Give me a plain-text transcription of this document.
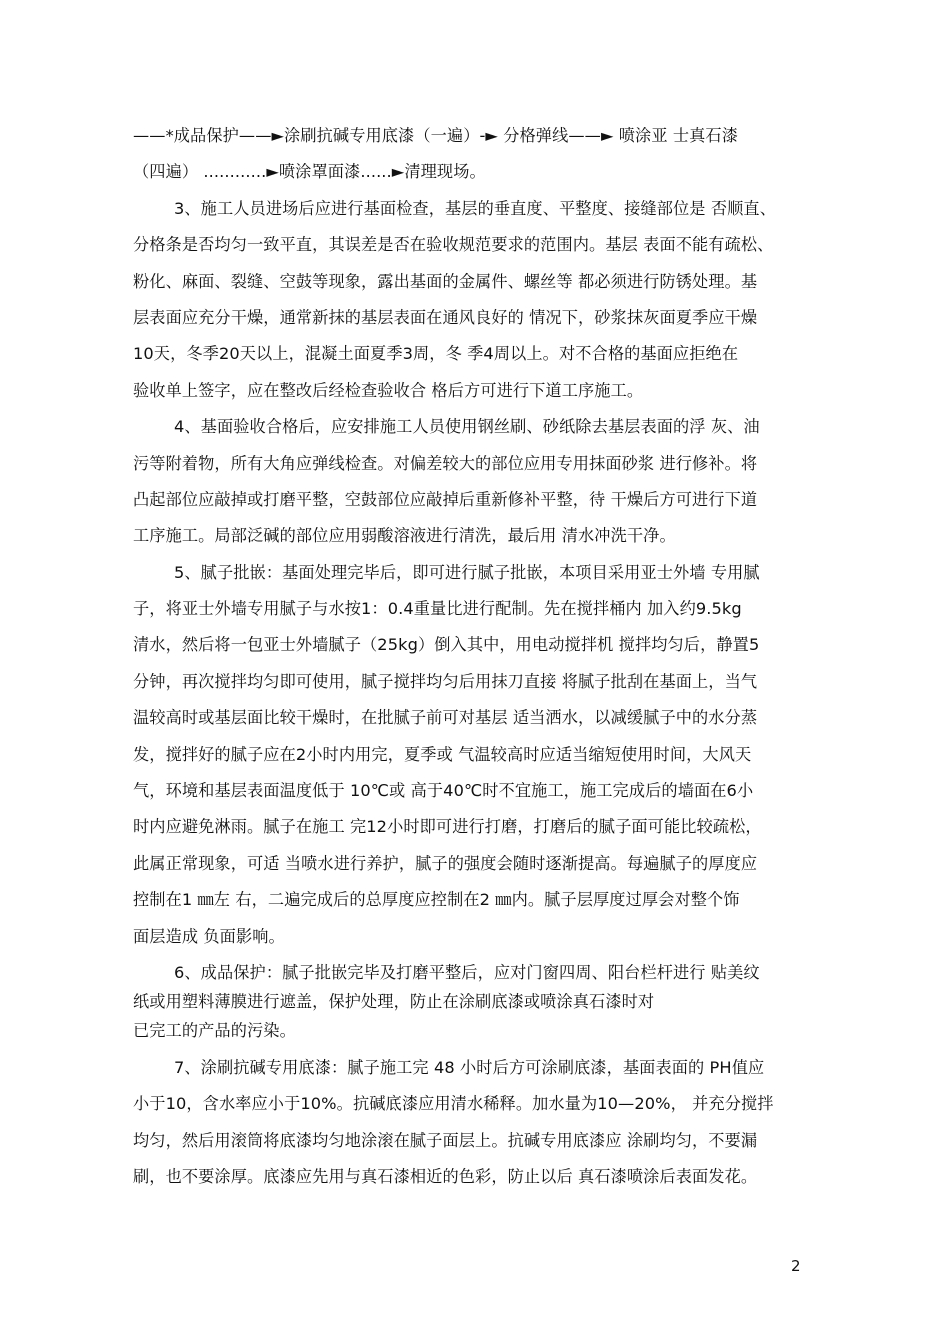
——*成品保护——►涂刷抗碱专用底漆（一遍）-► 分格弹线——► 喷涂亚 士真石漆
（四遍） ............►喷涂罩面漆......►清理现场。
3、施工人员进场后应进行基面检查，基层的垂直度、平整度、接缝部位是 否顺直、
分格条是否均匀一致平直，其误差是否在验收规范要求的范围内。基层 表面不能有疏松、
粉化、麻面、裂缝、空鼓等现象，露出基面的金属件、螺丝等 都必须进行防锈处理。基
层表面应充分干燥，通常新抹的基层表面在通风良好的 情况下，砂浆抹灰面夏季应干燥
10天，冬季20天以上，混凝土面夏季3周，冬 季4周以上。对不合格的基面应拒绝在
验收单上签字，应在整改后经检查验收合 格后方可进行下道工序施工。
4、基面验收合格后，应安排施工人员使用钢丝刷、砂纸除去基层表面的浮 灰、油
污等附着物，所有大角应弹线检查。对偏差较大的部位应用专用抹面砂浆 进行修补。将
凸起部位应敲掉或打磨平整，空鼓部位应敲掉后重新修补平整，待 干燥后方可进行下道
工序施工。局部泛碱的部位应用弱酸溶液进行清洗，最后用 清水冲洗干净。
5、腻子批嵌：基面处理完毕后，即可进行腻子批嵌，本项目采用亚士外墙 专用腻
子，将亚士外墙专用腻子与水按1：0.4重量比进行配制。先在搅拌桶内 加入约9.5kg
清水，然后将一包亚士外墙腻子（25kg）倒入其中，用电动搅拌机 搅拌均匀后，静置5
分钟，再次搅拌均匀即可使用，腻子搅拌均匀后用抹刀直接 将腻子批刮在基面上，当气
温较高时或基层面比较干燥时，在批腻子前可对基层 适当洒水，以减缓腻子中的水分蒸
发，搅拌好的腻子应在2小时内用完，夏季或 气温较高时应适当缩短使用时间，大风天
气，环境和基层表面温度低于 10℃或 高于40℃时不宜施工，施工完成后的墙面在6小
时内应避免淋雨。腻子在施工 完12小时即可进行打磨，打磨后的腻子面可能比较疏松，
此属正常现象，可适 当喷水进行养护，腻子的强度会随时逐渐提高。每遍腻子的厚度应
控制在1 ㎜左 右，二遍完成后的总厚度应控制在2 ㎜内。腻子层厚度过厚会对整个饰
面层造成 负面影响。
6、成品保护：腻子批嵌完毕及打磨平整后，应对门窗四周、阳台栏杆进行 贴美纹
纸或用塑料薄膜进行遮盖，保护处理，防止在涂刷底漆或喷涂真石漆时对
已完工的产品的污染。
7、涂刷抗碱专用底漆：腻子施工完 48 小时后方可涂刷底漆，基面表面的 PH值应
小于10，含水率应小于10%。抗碱底漆应用清水稀释。加水量为10—20%， 并充分搅拌
均匀，然后用滚筒将底漆均匀地涂滚在腻子面层上。抗碱专用底漆应 涂刷均匀，不要漏
刷，也不要涂厚。底漆应先用与真石漆相近的色彩，防止以后 真石漆喷涂后表面发花。
2
